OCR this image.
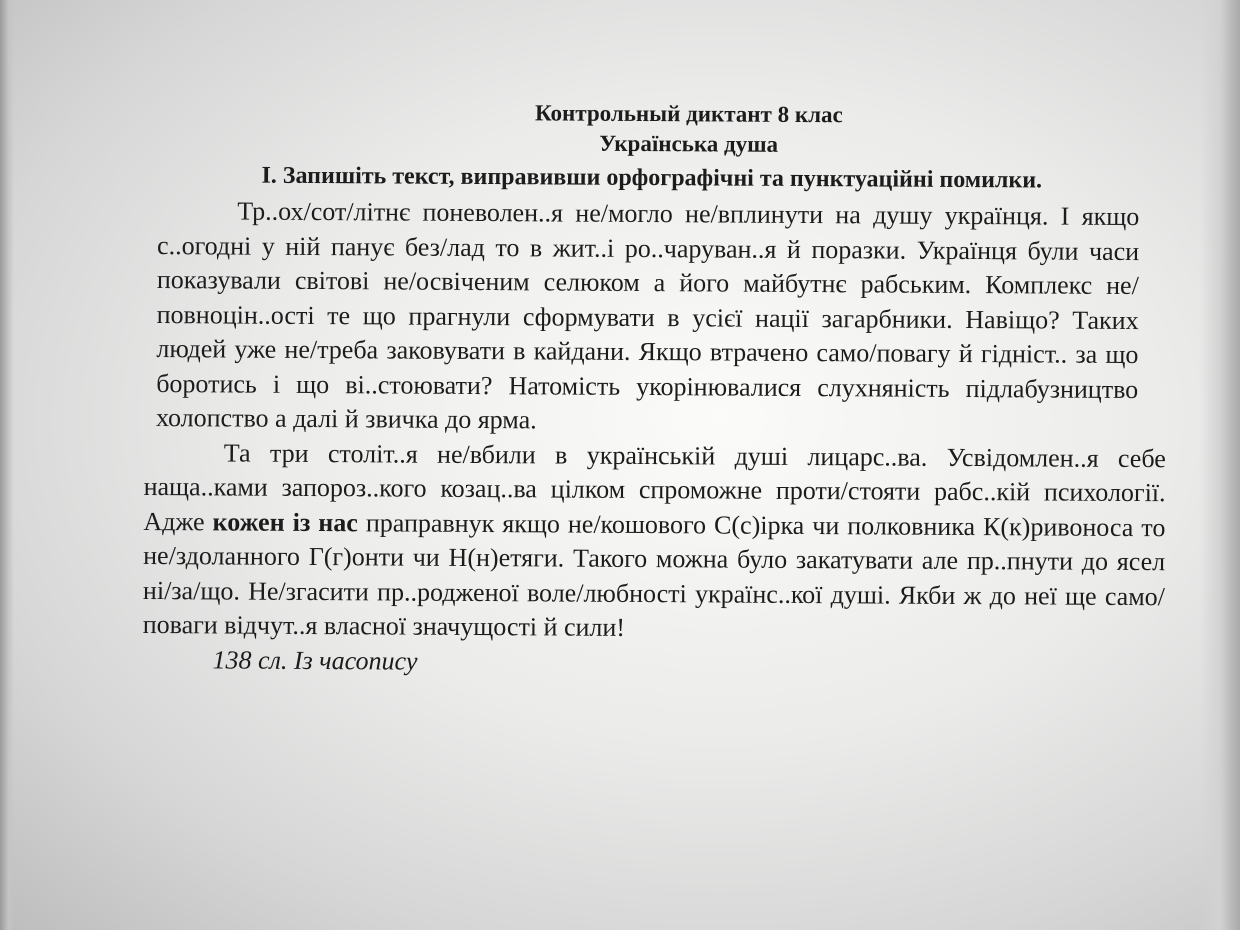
Контрольный диктант 8 клас

Українська душа

І. Запишіть текст, виправивши орфографічні та пунктуаційні помилки.

Тр..ох/сот/літнє поневолен..я не/могло не/вплинути на душу українця. І якщо с..огодні у ній панує без/лад то в жит..і ро..чаруван..я й поразки. Українця були часи показували світові не/освіченим селюком а його майбутнє рабським. Комплекс не/повноцін..ості те що прагнули сформувати в усієї нації загарбники. Навіщо? Таких людей уже не/треба заковувати в кайдани. Якщо втрачено само/повагу й гідніст.. за що боротись і що ві..стоювати? Натомість укорінювалися слухняність підлабузництво холопство а далі й звичка до ярма.

Та три століт..я не/вбили в українській душі лицарс..ва. Усвідомлен..я себе наща..ками запороз..кого козац..ва цілком спроможне проти/стояти рабс..кій психології. Адже кожен із нас праправнук якщо не/кошового С(с)ірка чи полковника К(к)ривоноса то не/здоланного Г(г)онти чи Н(н)етяги. Такого можна було закатувати але пр..пнути до ясел ні/за/що. Не/згасити пр..родженої воле/любності українс..кої душі. Якби ж до неї ще само/поваги відчут..я власної значущості й сили!

138 сл. Із часопису
